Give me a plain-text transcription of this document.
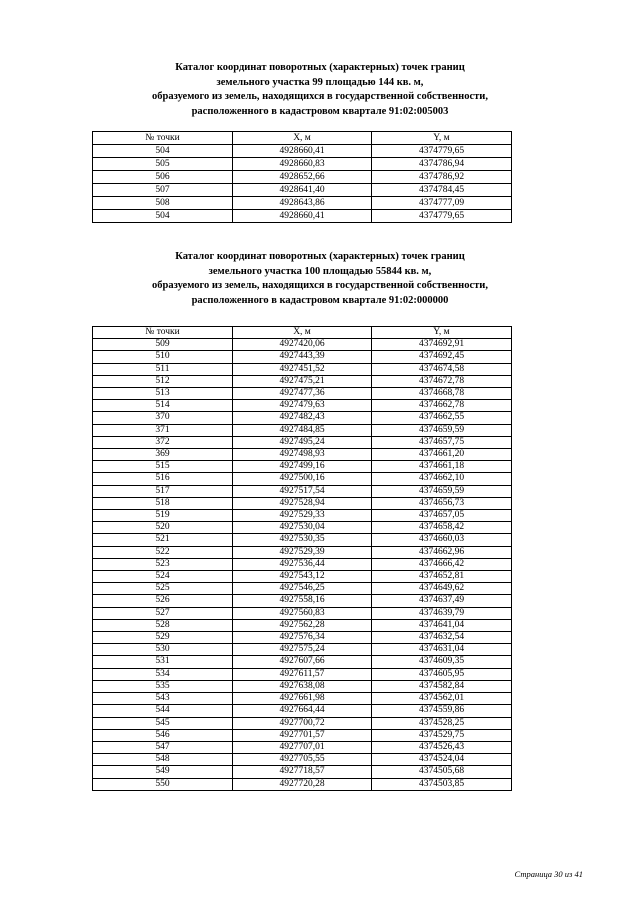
Каталог координат поворотных (характерных) точек границ
земельного участка 99 площадью 144 кв. м,
образуемого из земель, находящихся в государственной собственности,
расположенного в кадастровом квартале 91:02:005003
№ точки	X, м	Y, м
504	4928660,41	4374779,65
505	4928660,83	4374786,94
506	4928652,66	4374786,92
507	4928641,40	4374784,45
508	4928643,86	4374777,09
504	4928660,41	4374779,65
Каталог координат поворотных (характерных) точек границ
земельного участка 100 площадью 55844 кв. м,
образуемого из земель, находящихся в государственной собственности,
расположенного в кадастровом квартале 91:02:000000
№ точки	X, м	Y, м
509	4927420,06	4374692,91
510	4927443,39	4374692,45
511	4927451,52	4374674,58
512	4927475,21	4374672,78
513	4927477,36	4374668,78
514	4927479,63	4374662,78
370	4927482,43	4374662,55
371	4927484,85	4374659,59
372	4927495,24	4374657,75
369	4927498,93	4374661,20
515	4927499,16	4374661,18
516	4927500,16	4374662,10
517	4927517,54	4374659,59
518	4927528,94	4374656,73
519	4927529,33	4374657,05
520	4927530,04	4374658,42
521	4927530,35	4374660,03
522	4927529,39	4374662,96
523	4927536,44	4374666,42
524	4927543,12	4374652,81
525	4927546,25	4374649,62
526	4927558,16	4374637,49
527	4927560,83	4374639,79
528	4927562,28	4374641,04
529	4927576,34	4374632,54
530	4927575,24	4374631,04
531	4927607,66	4374609,35
534	4927611,57	4374605,95
535	4927638,08	4374582,84
543	4927661,98	4374562,01
544	4927664,44	4374559,86
545	4927700,72	4374528,25
546	4927701,57	4374529,75
547	4927707,01	4374526,43
548	4927705,55	4374524,04
549	4927718,57	4374505,68
550	4927720,28	4374503,85
Страница 30 из 41
